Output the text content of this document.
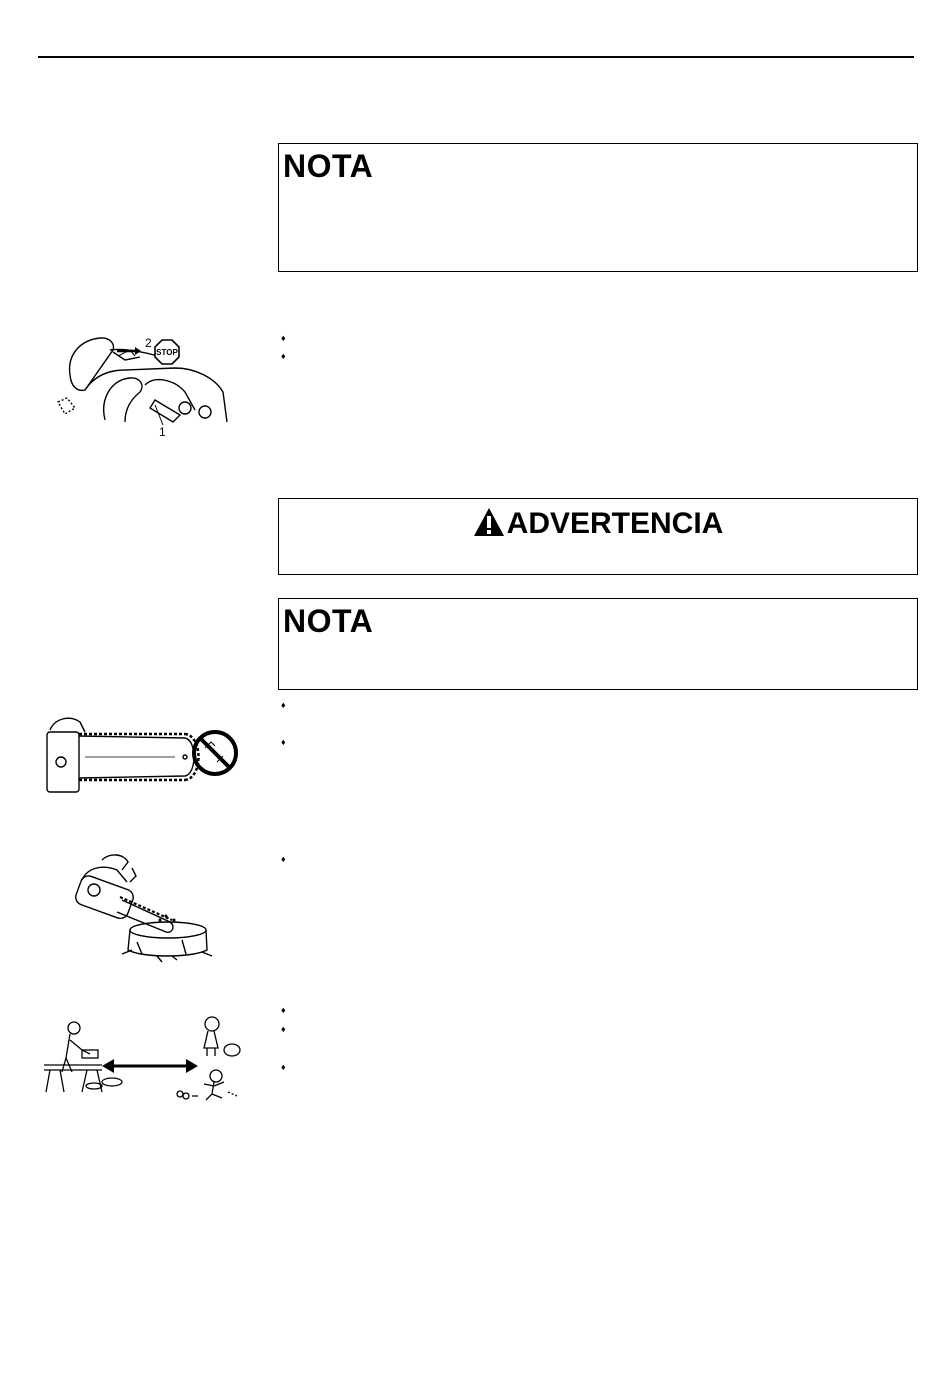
NOTA
ADVERTENCIA
NOTA
♦
♦
♦
♦
♦
♦
♦
♦
STOP
2
1
